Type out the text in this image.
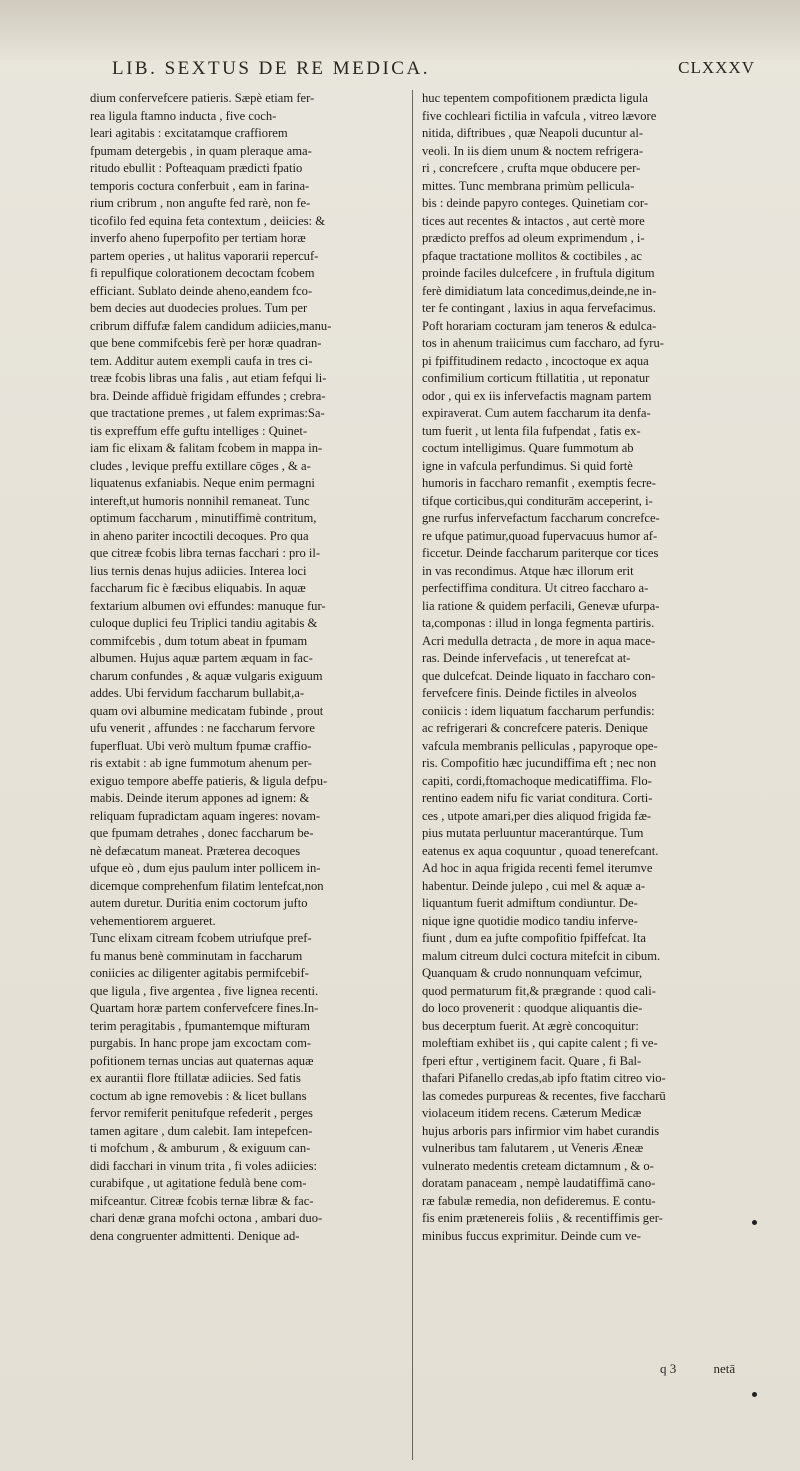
LIB. SEXTUS DE RE MEDICA.	CLXXXV
dium confervefcere patieris. Sæpè etiam fer-
rea ligula ftamno inducta , five coch-
leari agitabis : excitatamque craffiorem
fpumam detergebis , in quam pleraque ama-
ritudo ebullit : Pofteaquam prædicti fpatio
temporis coctura conferbuit , eam in farina-
rium cribrum , non angufte fed rarè, non fe-
ticofilo fed equina feta contextum , deiicies: &
inverfo aheno fuperpofito per tertiam horæ
partem operies , ut halitus vaporarii repercuf-
fi repulfique colorationem decoctam fcobem
efficiant. Sublato deinde aheno,eandem fco-
bem decies aut duodecies prolues. Tum per
cribrum diffufæ falem candidum adiicies,manu-
que bene commifcebis ferè per horæ quadran-
tem. Additur autem exempli caufa in tres ci-
treæ fcobis libras una falis , aut etiam fefqui li-
bra. Deinde affiduè frigidam effundes ; crebra-
que tractatione premes , ut falem exprimas:Sa-
tis expreffum effe guftu intelliges : Quinet-
iam fic elixam & falitam fcobem in mappa in-
cludes , levique preffu extillare cōges , & a-
liquatenus exfaniabis. Neque enim permagni
intereft,ut humoris nonnihil remaneat. Tunc
optimum faccharum , minutiffimè contritum,
in aheno pariter incoctili decoques. Pro qua
que citreæ fcobis libra ternas facchari : pro il-
lius ternis denas hujus adiicies. Interea loci
faccharum fic è fæcibus eliquabis. In aquæ
fextarium albumen ovi effundes: manuque fur-
culoque duplici feu Triplici tandiu agitabis &
commifcebis , dum totum abeat in fpumam
albumen. Hujus aquæ partem æquam in fac-
charum confundes , & aquæ vulgaris exiguum
addes. Ubi fervidum faccharum bullabit,a-
quam ovi albumine medicatam fubinde , prout
ufu venerit , affundes : ne faccharum fervore
fuperfluat. Ubi verò multum fpumæ craffio-
ris extabit : ab igne fummotum ahenum per-
exiguo tempore abeffe patieris, & ligula defpu-
mabis. Deinde iterum appones ad ignem: &
reliquam fupradictam aquam ingeres: novam-
que fpumam detrahes , donec faccharum be-
nè defæcatum maneat. Præterea decoques
ufque eò , dum ejus paulum inter pollicem in-
dicemque comprehenfum filatim lentefcat,non
autem duretur. Duritia enim coctorum jufto
vehementiorem argueret.
Tunc elixam citream fcobem utriufque pref-
fu manus benè comminutam in faccharum
coniicies ac diligenter agitabis permifcebif-
que ligula , five argentea , five lignea recenti.
Quartam horæ partem confervefcere fines.In-
terim peragitabis , fpumantemque mifturam
purgabis. In hanc prope jam excoctam com-
pofitionem ternas uncias aut quaternas aquæ
ex aurantii flore ftillatæ adiicies. Sed fatis
coctum ab igne removebis : & licet bullans
fervor remiferit penitufque refederit , perges
tamen agitare , dum calebit. Iam intepefcen-
ti mofchum , & amburum , & exiguum can-
didi facchari in vinum trita , fi voles adiicies:
curabifque , ut agitatione fedulà bene com-
mifceantur. Citreæ fcobis ternæ libræ & fac-
chari denæ grana mofchi octona , ambari duo-
dena congruenter admittenti. Denique ad-
huc tepentem compofitionem prædicta ligula
five cochleari fictilia in vafcula , vitreo lævore
nitida, diftribues , quæ Neapoli ducuntur al-
veoli. In iis diem unum & noctem refrigera-
ri , concrefcere , crufta mque obducere per-
mittes. Tunc membrana primùm pellicula-
bis : deinde papyro conteges. Quinetiam cor-
tices aut recentes & intactos , aut certè more
prædicto preffos ad oleum exprimendum , i-
pfaque tractatione mollitos & coctibiles , ac
proinde faciles dulcefcere , in fruftula digitum
ferè dimidiatum lata concedimus,deinde,ne in-
ter fe contingant , laxius in aqua fervefacimus.
Poft horariam cocturam jam teneros & edulca-
tos in ahenum traiicimus cum faccharo, ad fyru-
pi fpiffitudinem redacto , incoctoque ex aqua
confimilium corticum ftillatitia , ut reponatur
odor , qui ex iis infervefactis magnam partem
expiraverat. Cum autem faccharum ita denfa-
tum fuerit , ut lenta fila fufpendat , fatis ex-
coctum intelligimus. Quare fummotum ab
igne in vafcula perfundimus. Si quid fortè
humoris in faccharo remanfit , exemptis fecre-
tifque corticibus,qui conditurām acceperint, i-
gne rurfus infervefactum faccharum concrefce-
re ufque patimur,quoad fupervacuus humor af-
ficcetur. Deinde faccharum pariterque cor tices
in vas recondimus. Atque hæc illorum erit
perfectiffima conditura. Ut citreo faccharo a-
lia ratione & quidem perfacili, Genevæ ufurpa-
ta,componas : illud in longa fegmenta partiris.
Acri medulla detracta , de more in aqua mace-
ras. Deinde infervefacis , ut tenerefcat at-
que dulcefcat. Deinde liquato in faccharo con-
fervefcere finis. Deinde fictiles in alveolos
coniicis : idem liquatum faccharum perfundis:
ac refrigerari & concrefcere pateris. Denique
vafcula membranis pelliculas , papyroque ope-
ris. Compofitio hæc jucundiffima eft ; nec non
capiti, cordi,ftomachoque medicatiffima. Flo-
rentino eadem nifu fic variat conditura. Corti-
ces , utpote amari,per dies aliquod frigida fæ-
pius mutata perluuntur macerantúrque. Tum
eatenus ex aqua coquuntur , quoad tenerefcant.
Ad hoc in aqua frigida recenti femel iterumve
habentur. Deinde julepo , cui mel & aquæ a-
liquantum fuerit admiftum condiuntur. De-
nique igne quotidie modico tandiu inferve-
fiunt , dum ea jufte compofitio fpiffefcat. Ita
malum citreum dulci coctura mitefcit in cibum.
Quanquam & crudo nonnunquam vefcimur,
quod permaturum fit,& prægrande : quod cali-
do loco provenerit : quodque aliquantis die-
bus decerptum fuerit. At ægrè concoquitur:
moleftiam exhibet iis , qui capite calent ; fi ve-
fperi eftur , vertiginem facit. Quare , fi Bal-
thafari Pifanello credas,ab ipfo ftatim citreo vio-
las comedes purpureas & recentes, five faccharū
violaceum itidem recens. Cæterum Medicæ
hujus arboris pars infirmior vim habet curandis
vulneribus tam falutarem , ut Veneris Æneæ
vulnerato medentis creteam dictamnum , & o-
doratam panaceam , nempè laudatiffimā cano-
ræ fabulæ remedia, non defideremus. E contu-
fis enim prætenereis foliis , & recentiffimis ger-
minibus fuccus exprimitur. Deinde cum ve-
q 3	netā
